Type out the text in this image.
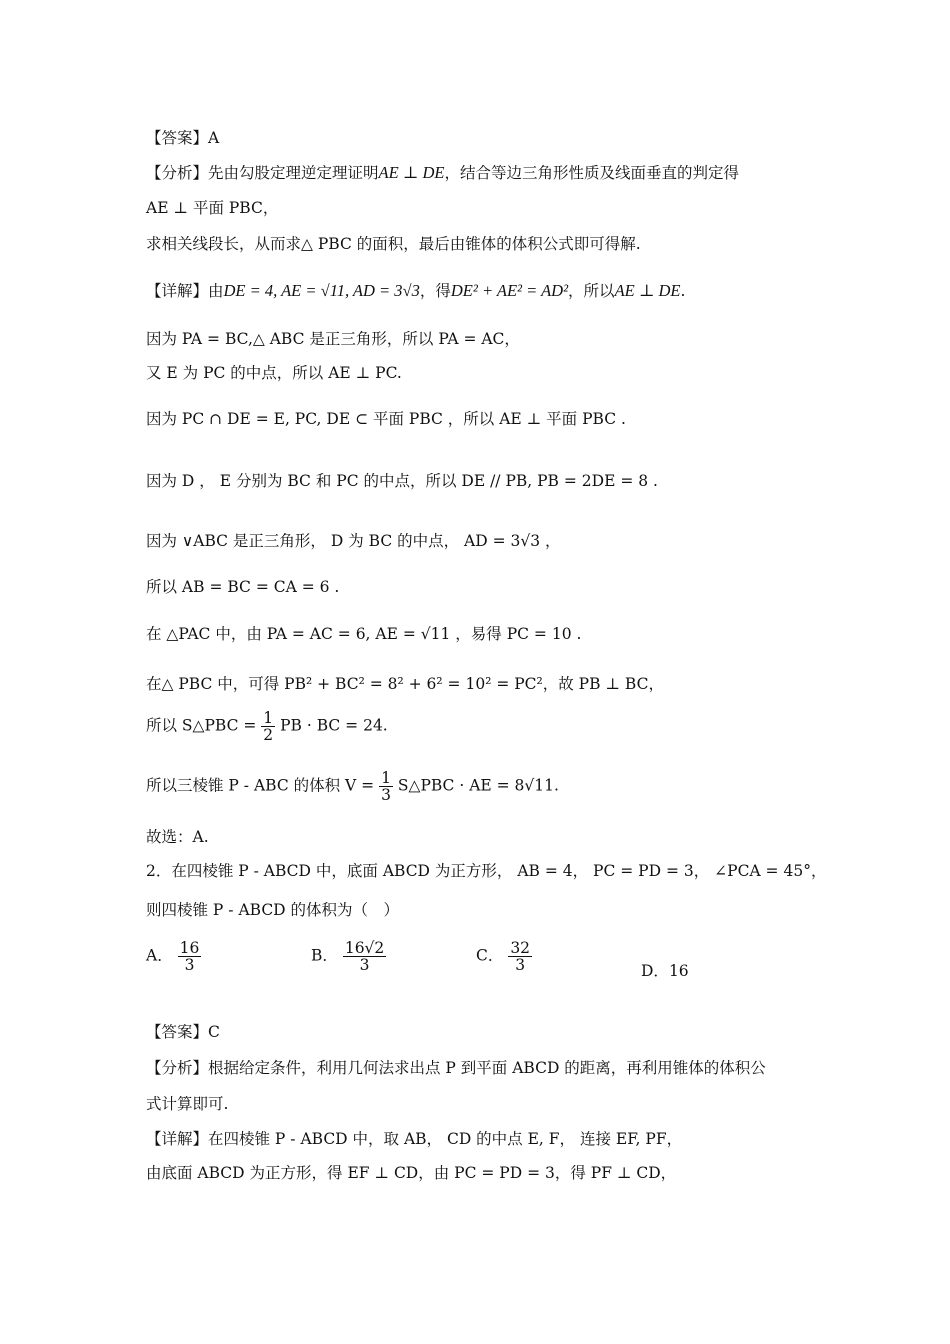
【答案】A
【分析】先由勾股定理逆定理证明AE ⊥ DE，结合等边三角形性质及线面垂直的判定得
AE ⊥ 平面 PBC，
求相关线段长，从而求△ PBC 的面积，最后由锥体的体积公式即可得解.
【详解】由DE = 4, AE = √11, AD = 3√3，得DE² + AE² = AD²，所以AE ⊥ DE.
因为 PA = BC,△ ABC 是正三角形，所以 PA = AC，
又 E 为 PC 的中点，所以 AE ⊥ PC.
因为 PC ∩ DE = E, PC, DE ⊂ 平面 PBC ，所以 AE ⊥ 平面 PBC .
因为 D ， E 分别为 BC 和 PC 的中点，所以 DE // PB, PB = 2DE = 8 .
因为 ∨ABC 是正三角形， D 为 BC 的中点， AD = 3√3 ，
所以 AB = BC = CA = 6 .
在 △PAC 中，由 PA = AC = 6, AE = √11 ，易得 PC = 10 .
在△ PBC 中，可得 PB² + BC² = 8² + 6² = 10² = PC²，故 PB ⊥ BC，
所以 S△PBC = $\frac{1}{2}$ PB · BC = 24.
所以三棱锥 P - ABC 的体积 $V = \frac{1}{3}$ S△PBC · AE = 8√11.
故选：A.
2．在四棱锥 P - ABCD 中，底面 ABCD 为正方形， AB = 4， PC = PD = 3， ∠PCA = 45°，
则四棱锥 P - ABCD 的体积为（　）
A． $\frac{16}{3}$	B． $\frac{16√2}{3}$	C． $\frac{32}{3}$	D．16
【答案】C
【分析】根据给定条件，利用几何法求出点 P 到平面 ABCD 的距离，再利用锥体的体积公
式计算即可.
【详解】在四棱锥 P - ABCD 中，取 AB， CD 的中点 E, F， 连接 EF, PF，
由底面 ABCD 为正方形，得 EF ⊥ CD，由 PC = PD = 3，得 PF ⊥ CD，
